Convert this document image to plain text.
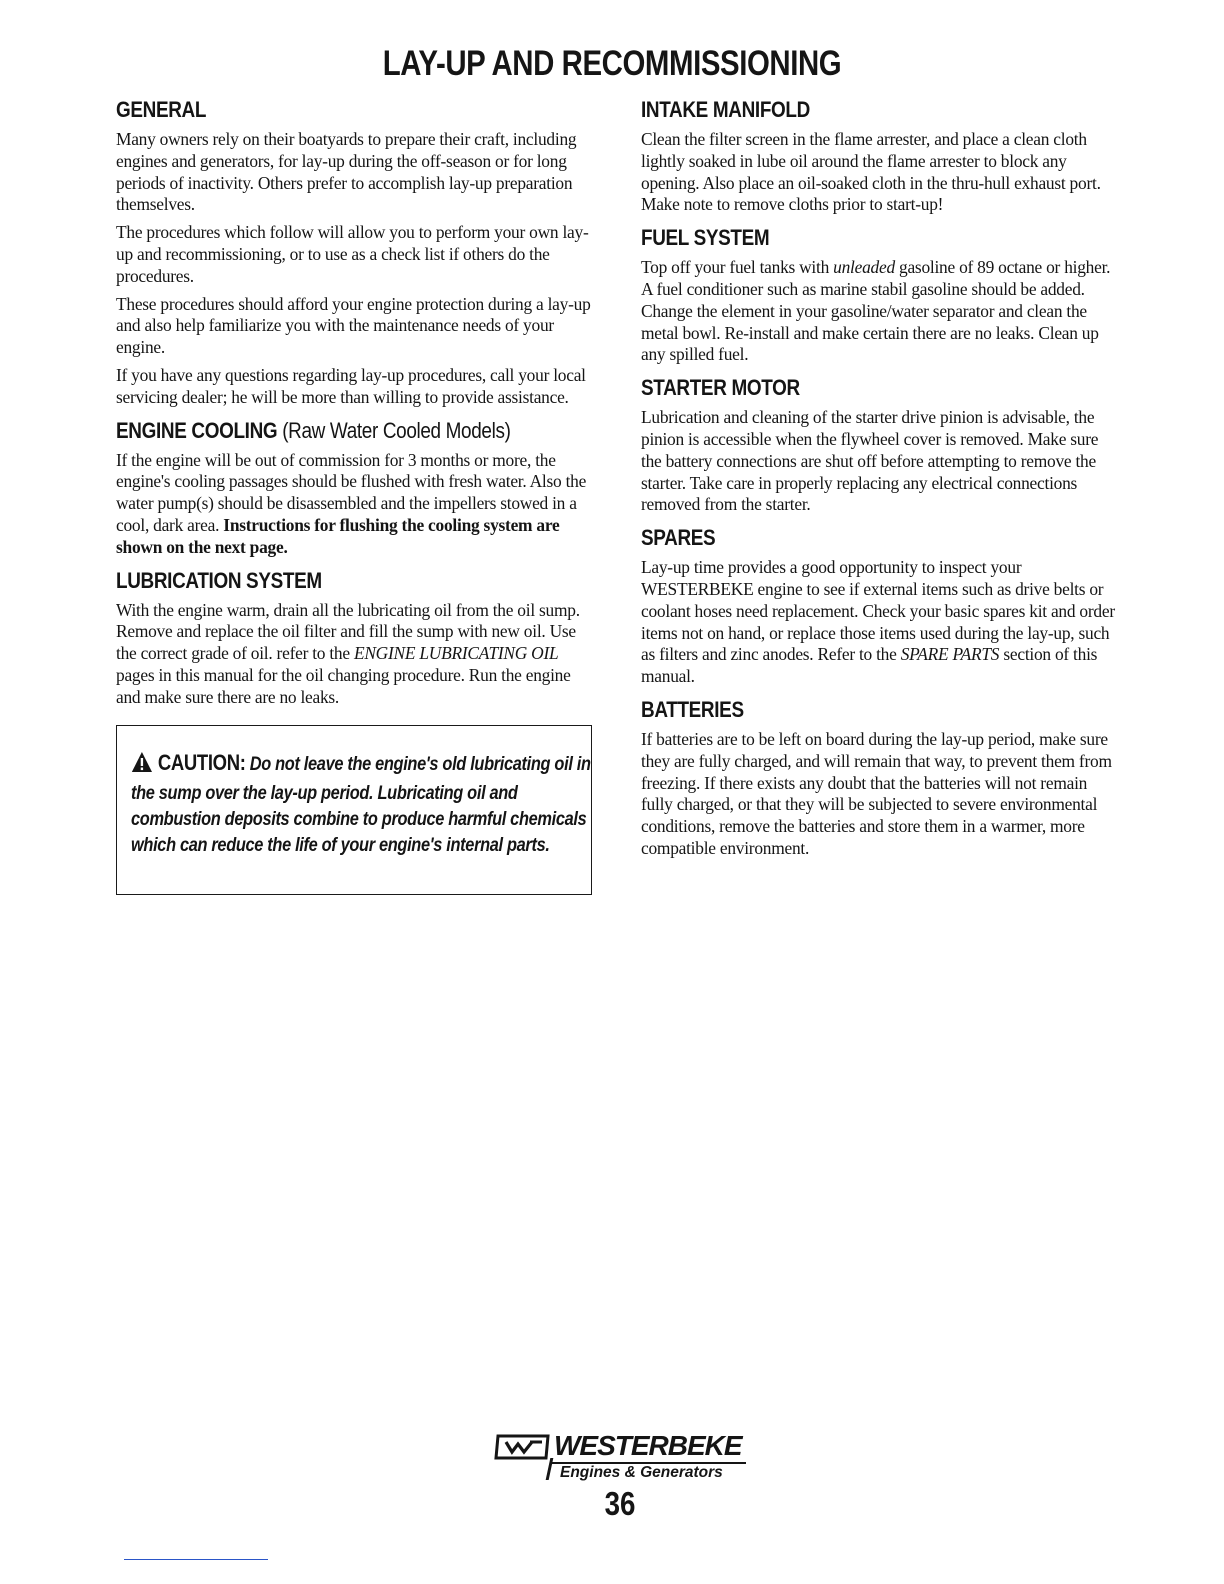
LAY-UP AND RECOMMISSIONING
GENERAL

Many owners rely on their boatyards to prepare their craft, including engines and generators, for lay-up during the off-season or for long periods of inactivity. Others prefer to accomplish lay-up preparation themselves.

The procedures which follow will allow you to perform your own lay-up and recommissioning, or to use as a check list if others do the procedures.

These procedures should afford your engine protection during a lay-up and also help familiarize you with the maintenance needs of your engine.

If you have any questions regarding lay-up procedures, call your local servicing dealer; he will be more than willing to provide assistance.

ENGINE COOLING (Raw Water Cooled Models)

If the engine will be out of commission for 3 months or more, the engine's cooling passages should be flushed with fresh water. Also the water pump(s) should be disassembled and the impellers stowed in a cool, dark area. Instructions for flushing the cooling system are shown on the next page.

LUBRICATION SYSTEM

With the engine warm, drain all the lubricating oil from the oil sump. Remove and replace the oil filter and fill the sump with new oil. Use the correct grade of oil. refer to the ENGINE LUBRICATING OIL pages in this manual for the oil changing procedure. Run the engine and make sure there are no leaks.

CAUTION: Do not leave the engine's old lubricating oil in the sump over the lay-up period. Lubricating oil and combustion deposits combine to produce harmful chemicals which can reduce the life of your engine's internal parts.

INTAKE MANIFOLD

Clean the filter screen in the flame arrester, and place a clean cloth lightly soaked in lube oil around the flame arrester to block any opening. Also place an oil-soaked cloth in the thru-hull exhaust port. Make note to remove cloths prior to start-up!

FUEL SYSTEM

Top off your fuel tanks with unleaded gasoline of 89 octane or higher. A fuel conditioner such as marine stabil gasoline should be added. Change the element in your gasoline/water separator and clean the metal bowl. Re-install and make certain there are no leaks. Clean up any spilled fuel.

STARTER MOTOR

Lubrication and cleaning of the starter drive pinion is advisable, the pinion is accessible when the flywheel cover is removed. Make sure the battery connections are shut off before attempting to remove the starter. Take care in properly replacing any electrical connections removed from the starter.

SPARES

Lay-up time provides a good opportunity to inspect your WESTERBEKE engine to see if external items such as drive belts or coolant hoses need replacement. Check your basic spares kit and order items not on hand, or replace those items used during the lay-up, such as filters and zinc anodes. Refer to the SPARE PARTS section of this manual.

BATTERIES

If batteries are to be left on board during the lay-up period, make sure they are fully charged, and will remain that way, to prevent them from freezing. If there exists any doubt that the batteries will not remain fully charged, or that they will be subjected to severe environmental conditions, remove the batteries and store them in a warmer, more compatible environment.

WESTERBEKE
Engines & Generators
36
